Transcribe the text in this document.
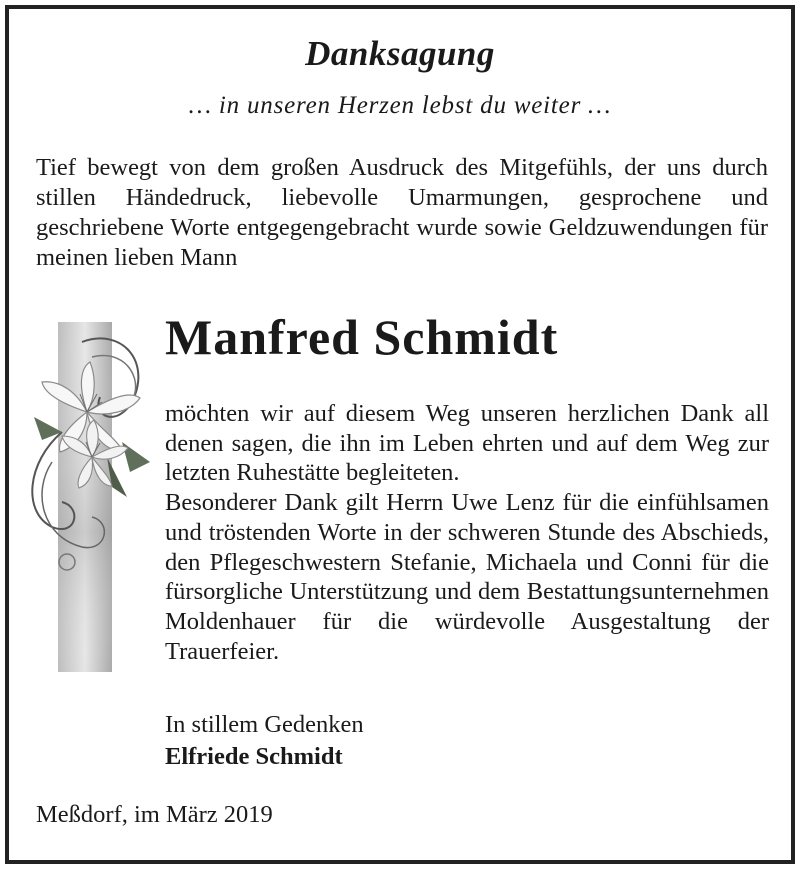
Danksagung
… in unseren Herzen lebst du weiter …
Tief bewegt von dem großen Ausdruck des Mitgefühls, der uns durch stillen Händedruck, liebevolle Umarmungen, gesprochene und geschriebene Worte entgegengebracht wurde sowie Geldzuwendungen für meinen lieben Mann
Manfred Schmidt

möchten wir auf diesem Weg unseren herzlichen Dank all denen sagen, die ihn im Leben ehrten und auf dem Weg zur letzten Ruhestätte begleiteten.

Besonderer Dank gilt Herrn Uwe Lenz für die einfühlsamen und tröstenden Worte in der schweren Stunde des Abschieds, den Pflegeschwestern Stefanie, Michaela und Conni für die fürsorgliche Unterstützung und dem Bestattungsunternehmen Moldenhauer für die würdevolle Ausgestaltung der Trauerfeier.

In stillem Gedenken
Elfriede Schmidt
Meßdorf, im März 2019
